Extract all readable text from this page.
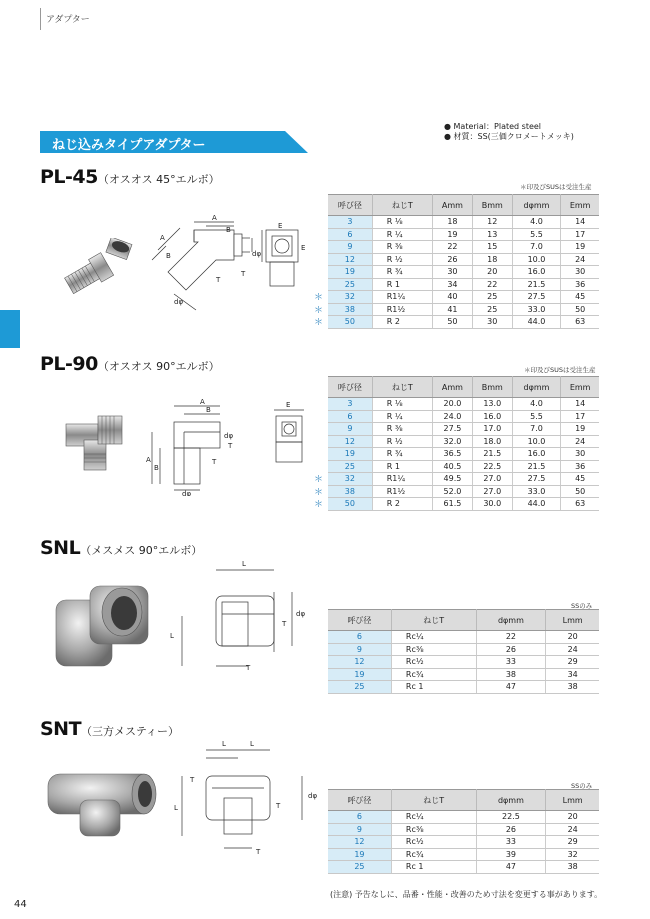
アダプター
ねじ込みタイプアダプター
● Material：Plated steel
● 材質：SS(三価クロメートメッキ)
PL-45（オスオス 45°エルボ）
＊印及びSUSは受注生産
A
B
A
B
E
E
dφ
T
T
dφ
呼び径	ねじT	Amm	Bmm	dφmm	Emm
3	R ⅛	18	12	4.0	14
6	R ¼	19	13	5.5	17
9	R ⅜	22	15	7.0	19
12	R ½	26	18	10.0	24
19	R ¾	30	20	16.0	30
25	R 1	34	22	21.5	36
32	R1¼	40	25	27.5	45
38	R1½	41	25	33.0	50
50	R 2	50	30	44.0	63
PL-90（オスオス 90°エルボ）	＊印及びSUSは受注生産
A
B
A
B
E
T
T
dφ
dφ
呼び径	ねじT	Amm	Bmm	dφmm	Emm
3	R ⅛	20.0	13.0	4.0	14
6	R ¼	24.0	16.0	5.5	17
9	R ⅜	27.5	17.0	7.0	19
12	R ½	32.0	18.0	10.0	24
19	R ¾	36.5	21.5	16.0	30
25	R 1	40.5	22.5	21.5	36
32	R1¼	49.5	27.0	27.5	45
38	R1½	52.0	27.0	33.0	50
50	R 2	61.5	30.0	44.0	63
SNL（メスメス 90°エルボ）
L
L
T
T
dφ
SSのみ
呼び径	ねじT	dφmm	Lmm
6	Rc¼	22	20
9	Rc⅜	26	24
12	Rc½	33	29
19	Rc¾	38	34
25	Rc 1	47	38
SNT（三方メスティー）
L	L
L	T
T
T
dφ
SSのみ
呼び径	ねじT	dφmm	Lmm
6	Rc¼	22.5	20
9	Rc⅜	26	24
12	Rc½	33	29
19	Rc¾	39	32
25	Rc 1	47	38
(注意) 予告なしに、品番・性能・改善のため寸法を変更する事があります。
44
＊
＊
＊
＊
＊
＊
